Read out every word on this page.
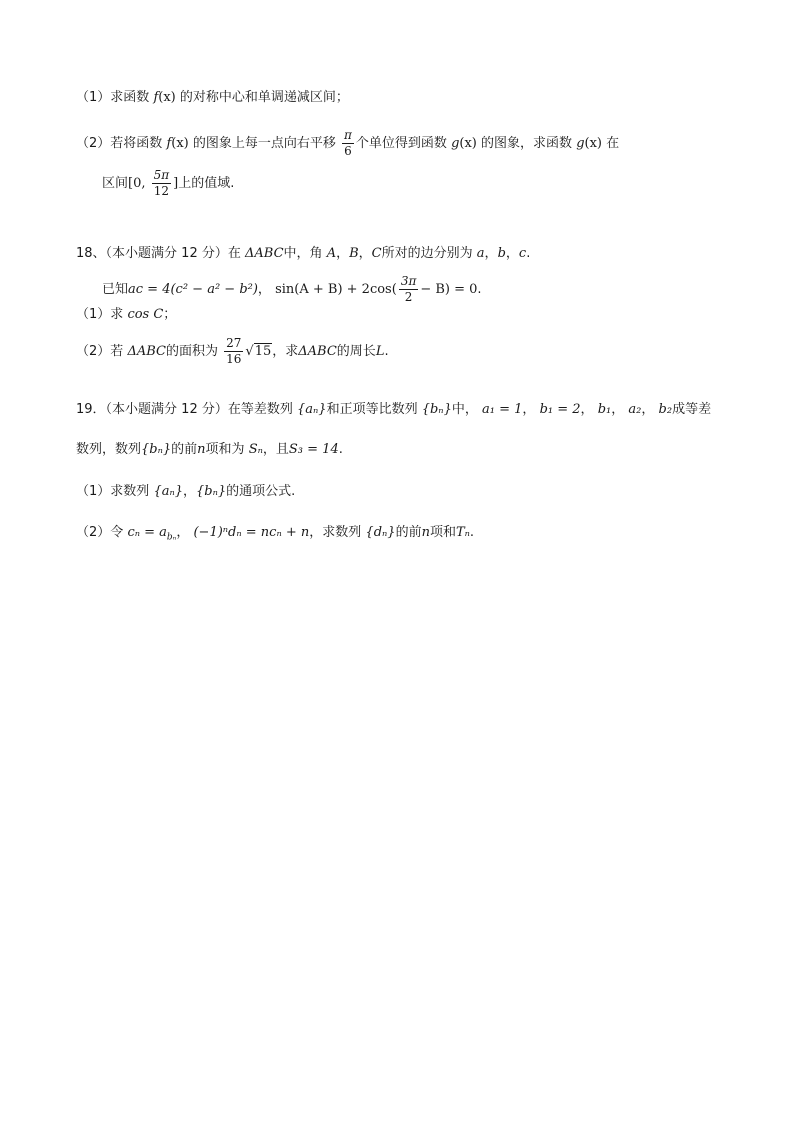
（1）求函数 f(x) 的对称中心和单调递减区间；
（2）若将函数 f(x) 的图象上每一点向右平移 $\frac{\pi}{6}$ 个单位得到函数 g(x) 的图象，求函数 g(x) 在
区间[0, $\frac{5\pi}{12}$ ]上的值域.
18、（本小题满分 12 分）在 ΔABC中，角 A，B，C所对的边分别为 a，b，c.
已知ac = 4(c² − a² − b²)， $\sin(A + B) + 2\cos( \frac{3\pi}{2} - B) = 0$.
（1）求 cos C；
（2）若 ΔABC的面积为 $\frac{27}{16} √15$，求ΔABC的周长L.
19．（本小题满分 12 分）在等差数列 {aₙ}和正项等比数列 {bₙ}中， a₁ = 1， b₁ = 2， b₁， a₂， b₂成等差
数列，数列{bₙ}的前n项和为 Sₙ，且S₃ = 14.
（1）求数列 {aₙ}，{bₙ}的通项公式.
（2）令 $c_n = a_{b_n}$， (−1)ⁿdₙ = ncₙ + n，求数列 {dₙ}的前n项和Tₙ.
